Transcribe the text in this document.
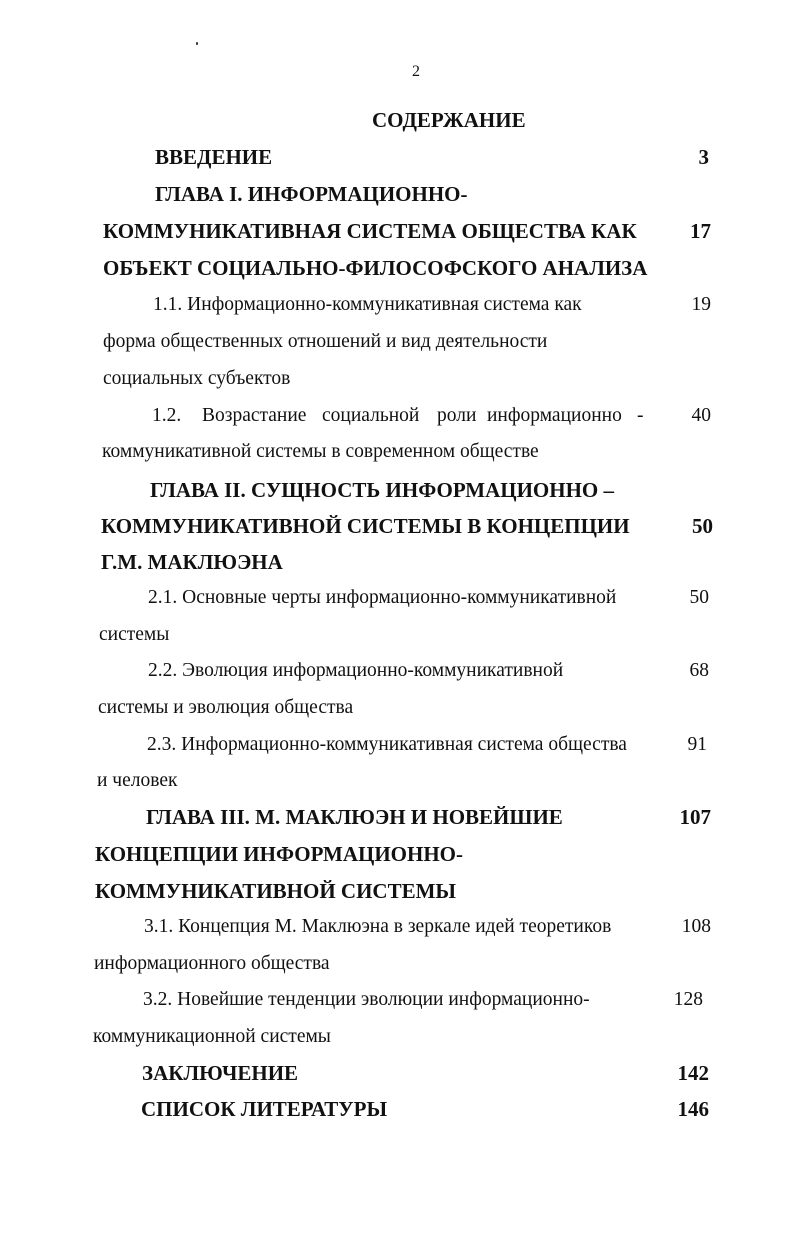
2
СОДЕРЖАНИЕ
ВВЕДЕНИЕ	3
ГЛАВА I. ИНФОРМАЦИОННО-
КОММУНИКАТИВНАЯ СИСТЕМА ОБЩЕСТВА КАК	17
ОБЪЕКТ СОЦИАЛЬНО-ФИЛОСОФСКОГО АНАЛИЗА
1.1. Информационно-коммуникативная система как	19
форма общественных отношений и вид деятельности
социальных субъектов
1.2. Возрастание социальной роли информационно - 40
коммуникативной системы в современном обществе
ГЛАВА II. СУЩНОСТЬ ИНФОРМАЦИОННО –
КОММУНИКАТИВНОЙ СИСТЕМЫ В КОНЦЕПЦИИ	50
Г.М. МАКЛЮЭНА
2.1. Основные черты информационно-коммуникативной	50
системы
2.2. Эволюция информационно-коммуникативной	68
системы и эволюция общества
2.3. Информационно-коммуникативная система общества	91
и человек
ГЛАВА III. М. МАКЛЮЭН И НОВЕЙШИЕ	107
КОНЦЕПЦИИ ИНФОРМАЦИОННО-
КОММУНИКАТИВНОЙ СИСТЕМЫ
3.1. Концепция М. Маклюэна в зеркале идей теоретиков	108
информационного общества
3.2. Новейшие тенденции эволюции информационно-	128
коммуникационной системы
ЗАКЛЮЧЕНИЕ	142
СПИСОК ЛИТЕРАТУРЫ	146
